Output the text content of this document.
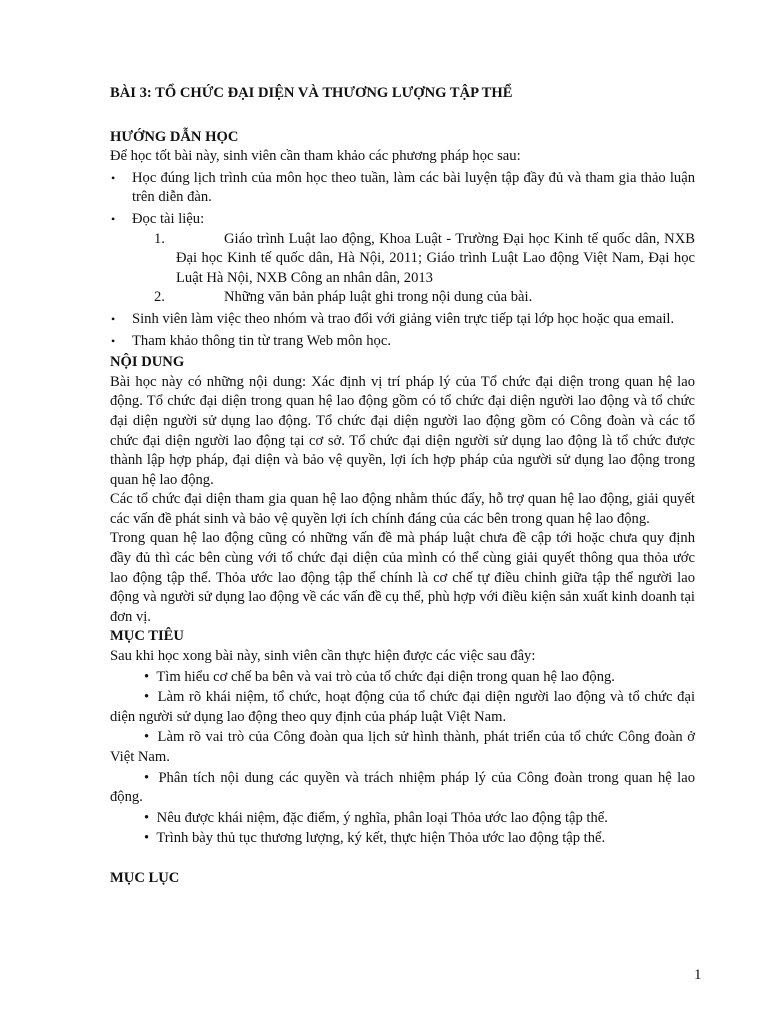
BÀI 3: TỔ CHỨC ĐẠI DIỆN VÀ THƯƠNG LƯỢNG TẬP THỂ
HƯỚNG DẪN HỌC

Để học tốt bài này, sinh viên cần tham khảo các phương pháp học sau:

• Học đúng lịch trình của môn học theo tuần, làm các bài luyện tập đầy đủ và tham gia thảo luận trên diễn đàn.
• Đọc tài liệu:
1.	Giáo trình Luật lao động, Khoa Luật - Trường Đại học Kinh tế quốc dân, NXB Đại học Kinh tế quốc dân, Hà Nội, 2011; Giáo trình Luật Lao động Việt Nam, Đại học Luật Hà Nội, NXB Công an nhân dân, 2013
2.	Những văn bản pháp luật ghi trong nội dung của bài.
• Sinh viên làm việc theo nhóm và trao đổi với giảng viên trực tiếp tại lớp học hoặc qua email.
• Tham khảo thông tin từ trang Web môn học.
NỘI DUNG

Bài học này có những nội dung: Xác định vị trí pháp lý của Tổ chức đại diện trong quan hệ lao động. Tổ chức đại diện trong quan hệ lao động gồm có tổ chức đại diện người lao động và tổ chức đại diện người sử dụng lao động. Tổ chức đại diện người lao động gồm có Công đoàn và các tổ chức đại diện người lao động tại cơ sở. Tổ chức đại diện người sử dụng lao động là tổ chức được thành lập hợp pháp, đại diện và bảo vệ quyền, lợi ích hợp pháp của người sử dụng lao động trong quan hệ lao động.

Các tổ chức đại diện tham gia quan hệ lao động nhằm thúc đẩy, hỗ trợ quan hệ lao động, giải quyết các vấn đề phát sinh và bảo vệ quyền lợi ích chính đáng của các bên trong quan hệ lao động.

Trong quan hệ lao động cũng có những vấn đề mà pháp luật chưa đề cập tới hoặc chưa quy định đầy đủ thì các bên cùng với tổ chức đại diện của mình có thể cùng giải quyết thông qua thỏa ước lao động tập thể. Thỏa ước lao động tập thể chính là cơ chế tự điều chỉnh giữa tập thể người lao động và người sử dụng lao động về các vấn đề cụ thể, phù hợp với điều kiện sản xuất kinh doanh tại đơn vị.

MỤC TIÊU

Sau khi học xong bài này, sinh viên cần thực hiện được các việc sau đây:

• Tìm hiểu cơ chế ba bên và vai trò của tổ chức đại diện trong quan hệ lao động.

• Làm rõ khái niệm, tổ chức, hoạt động của tổ chức đại diện người lao động và tổ chức đại diện người sử dụng lao động theo quy định của pháp luật Việt Nam.

• Làm rõ vai trò của Công đoàn qua lịch sử hình thành, phát triển của tổ chức Công đoàn ở Việt Nam.

• Phân tích nội dung các quyền và trách nhiệm pháp lý của Công đoàn trong quan hệ lao động.

• Nêu được khái niệm, đặc điểm, ý nghĩa, phân loại Thỏa ước lao động tập thể.

• Trình bày thủ tục thương lượng, ký kết, thực hiện Thỏa ước lao động tập thể.

MỤC LỤC
1
